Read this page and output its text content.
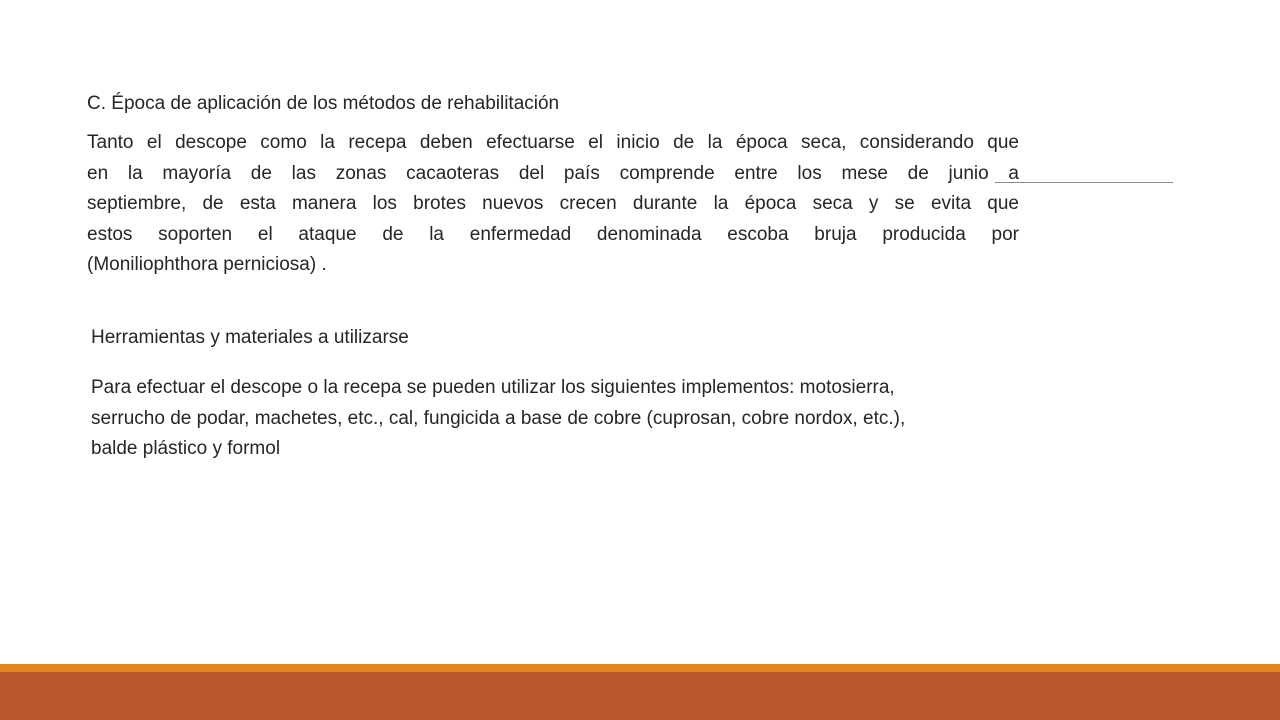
C. Época de aplicación de los métodos de rehabilitación
Tanto el descope como la recepa deben efectuarse el inicio de la época seca, considerando que
en la mayoría de las zonas cacaoteras del país comprende entre los mese de junio a
septiembre, de esta manera los brotes nuevos crecen durante la época seca y se evita que
estos soporten el ataque de la enfermedad denominada escoba bruja producida por
(Moniliophthora perniciosa) .
Herramientas y materiales a utilizarse
Para efectuar el descope o la recepa se pueden utilizar los siguientes implementos: motosierra,
serrucho de podar, machetes, etc., cal, fungicida a base de cobre (cuprosan, cobre nordox, etc.),
balde plástico y formol
